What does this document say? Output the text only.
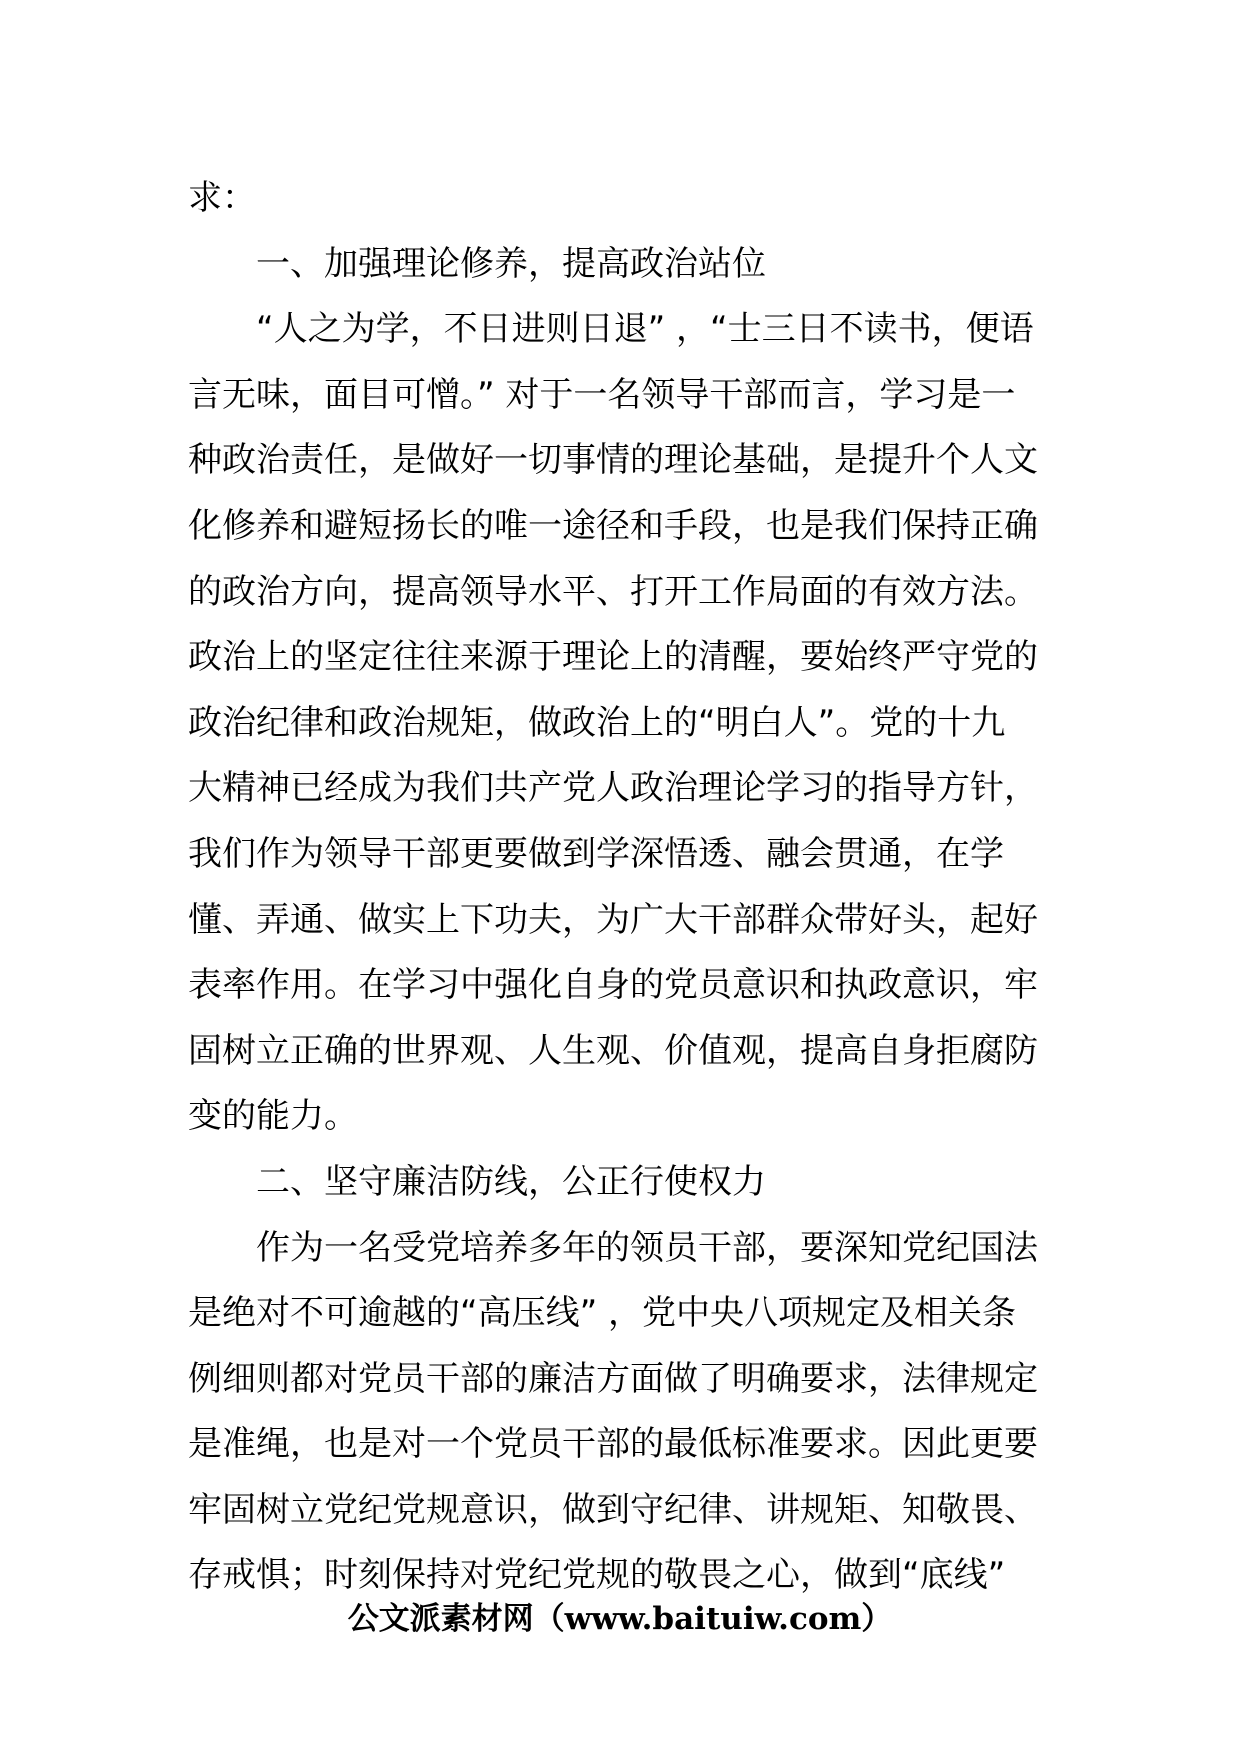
求：
一、加强理论修养，提高政治站位
“人之为学，不日进则日退” ，“士三日不读书，便语
言无味，面目可憎。” 对于一名领导干部而言，学习是一
种政治责任，是做好一切事情的理论基础，是提升个人文
化修养和避短扬长的唯一途径和手段，也是我们保持正确
的政治方向，提高领导水平、打开工作局面的有效方法。
政治上的坚定往往来源于理论上的清醒，要始终严守党的
政治纪律和政治规矩，做政治上的“明白人”。党的十九
大精神已经成为我们共产党人政治理论学习的指导方针，
我们作为领导干部更要做到学深悟透、融会贯通，在学
懂、弄通、做实上下功夫，为广大干部群众带好头，起好
表率作用。在学习中强化自身的党员意识和执政意识，牢
固树立正确的世界观、人生观、价值观，提高自身拒腐防
变的能力。
二、坚守廉洁防线，公正行使权力
作为一名受党培养多年的领员干部，要深知党纪国法
是绝对不可逾越的“高压线” ，党中央八项规定及相关条
例细则都对党员干部的廉洁方面做了明确要求，法律规定
是准绳，也是对一个党员干部的最低标准要求。因此更要
牢固树立党纪党规意识，做到守纪律、讲规矩、知敬畏、
存戒惧；时刻保持对党纪党规的敬畏之心，做到“底线”
公文派素材网（www.baituiw.com）
